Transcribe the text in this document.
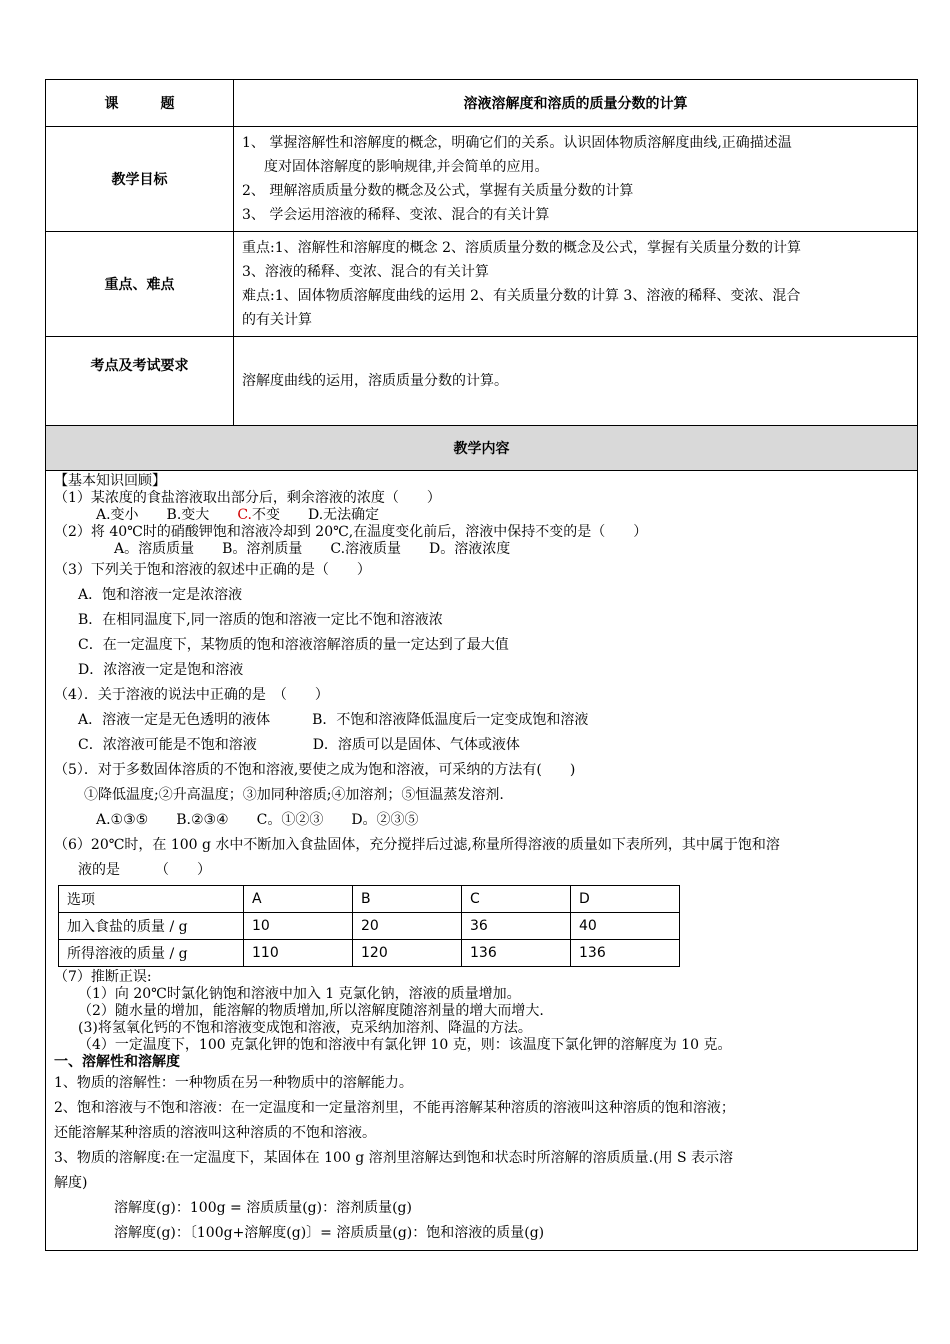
课　　　题	溶液溶解度和溶质的质量分数的计算
教学目标	
1、 掌握溶解性和溶解度的概念，明确它们的关系。认识固体物质溶解度曲线,正确描述温
度对固体溶解度的影响规律,并会简单的应用。
2、 理解溶质质量分数的概念及公式，掌握有关质量分数的计算
3、 学会运用溶液的稀释、变浓、混合的有关计算

重点、难点	
重点:1、溶解性和溶解度的概念 2、溶质质量分数的概念及公式，掌握有关质量分数的计算
3、溶液的稀释、变浓、混合的有关计算
难点:1、固体物质溶解度曲线的运用 2、有关质量分数的计算 3、溶液的稀释、变浓、混合
的有关计算

考点及考试要求	溶解度曲线的运用，溶质质量分数的计算。
教学内容

【基本知识回顾】
（1）某浓度的食盐溶液取出部分后，剩余溶液的浓度（　　）
A.变小　　B.变大　　C.不变　　D.无法确定
（2）将 40℃时的硝酸钾饱和溶液冷却到 20℃,在温度变化前后，溶液中保持不变的是（　　）
A。溶质质量　　B。溶剂质量　　C.溶液质量　　D。溶液浓度
（3）下列关于饱和溶液的叙述中正确的是（　　）
A．饱和溶液一定是浓溶液
B．在相同温度下,同一溶质的饱和溶液一定比不饱和溶液浓
C．在一定温度下，某物质的饱和溶液溶解溶质的量一定达到了最大值
D．浓溶液一定是饱和溶液
（4）．关于溶液的说法中正确的是　（　　）
A．溶液一定是无色透明的液体　　　B．不饱和溶液降低温度后一定变成饱和溶液
C．浓溶液可能是不饱和溶液　　　　D．溶质可以是固体、气体或液体
（5）．对于多数固体溶质的不饱和溶液,要使之成为饱和溶液，可采纳的方法有(　　)
①降低温度;②升高温度；③加同种溶质;④加溶剂；⑤恒温蒸发溶剂.
A.①③⑤　　B.②③④　　C。①②③　　D。②③⑤
（6）20℃时，在 100 g 水中不断加入食盐固体，充分搅拌后过滤,称量所得溶液的质量如下表所列，其中属于饱和溶
液的是　　　（　　）
选项	A	B	C	D
加入食盐的质量 / g	10	20	36	40
所得溶液的质量 / g	110	120	136	136
（7）推断正误:
（1）向 20℃时氯化钠饱和溶液中加入 1 克氯化钠，溶液的质量增加。
（2）随水量的增加，能溶解的物质增加,所以溶解度随溶剂量的增大而增大.
(3)将氢氧化钙的不饱和溶液变成饱和溶液，克采纳加溶剂、降温的方法。
（4）一定温度下，100 克氯化钾的饱和溶液中有氯化钾 10 克，则：该温度下氯化钾的溶解度为 10 克。
一、溶解性和溶解度
1、物质的溶解性：一种物质在另一种物质中的溶解能力。
2、饱和溶液与不饱和溶液：在一定温度和一定量溶剂里，不能再溶解某种溶质的溶液叫这种溶质的饱和溶液；
还能溶解某种溶质的溶液叫这种溶质的不饱和溶液。
3、物质的溶解度:在一定温度下，某固体在 100 g 溶剂里溶解达到饱和状态时所溶解的溶质质量.(用 S 表示溶
解度)
溶解度(g)：100g = 溶质质量(g)：溶剂质量(g)
溶解度(g)：〔100g+溶解度(g)〕= 溶质质量(g)：饱和溶液的质量(g)
